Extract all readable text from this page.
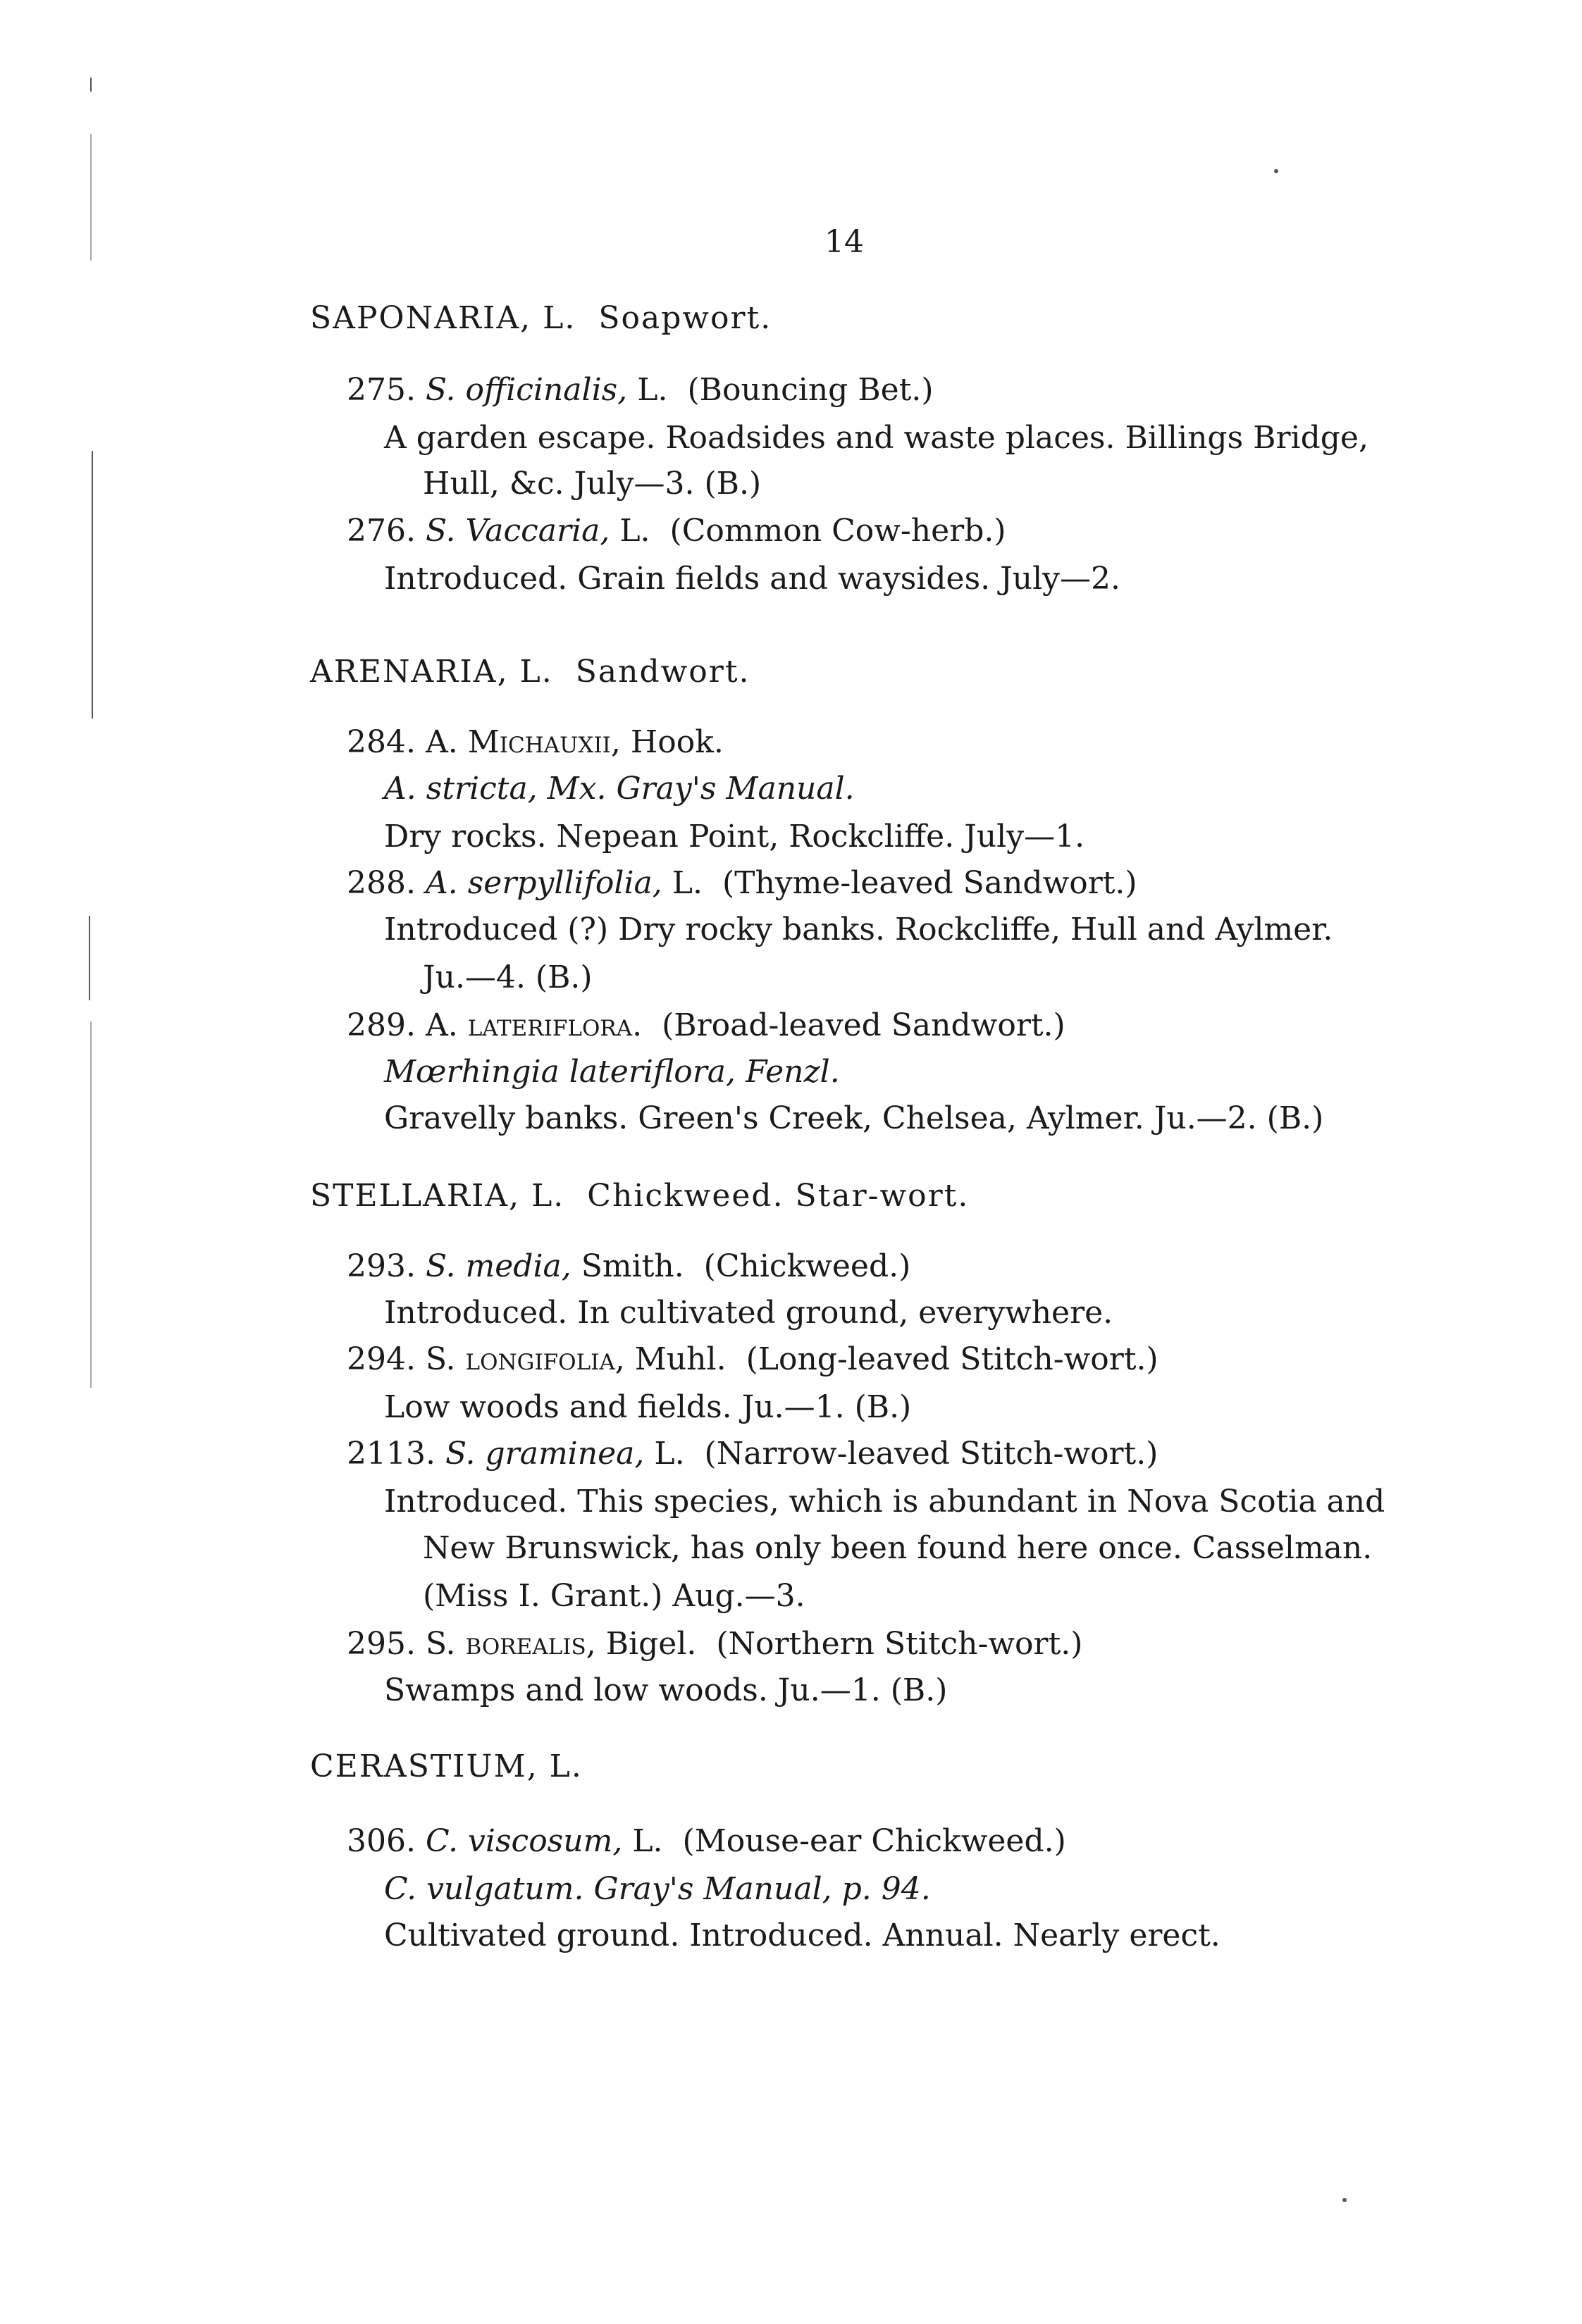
14
SAPONARIA, L. Soapwort.
275. S. officinalis, L. (Bouncing Bet.)
A garden escape. Roadsides and waste places. Billings Bridge,
Hull, &c. July—3. (B.)
276. S. Vaccaria, L. (Common Cow-herb.)
Introduced. Grain fields and waysides. July—2.
ARENARIA, L. Sandwort.
284. A. Michauxii, Hook.
A. stricta, Mx. Gray's Manual.
Dry rocks. Nepean Point, Rockcliffe. July—1.
288. A. serpyllifolia, L. (Thyme-leaved Sandwort.)
Introduced (?) Dry rocky banks. Rockcliffe, Hull and Aylmer.
Ju.—4. (B.)
289. A. lateriflora. (Broad-leaved Sandwort.)
Mœrhingia lateriflora, Fenzl.
Gravelly banks. Green's Creek, Chelsea, Aylmer. Ju.—2. (B.)
STELLARIA, L. Chickweed. Star-wort.
293. S. media, Smith. (Chickweed.)
Introduced. In cultivated ground, everywhere.
294. S. longifolia, Muhl. (Long-leaved Stitch-wort.)
Low woods and fields. Ju.—1. (B.)
2113. S. graminea, L. (Narrow-leaved Stitch-wort.)
Introduced. This species, which is abundant in Nova Scotia and
New Brunswick, has only been found here once. Casselman.
(Miss I. Grant.) Aug.—3.
295. S. borealis, Bigel. (Northern Stitch-wort.)
Swamps and low woods. Ju.—1. (B.)
CERASTIUM, L.
306. C. viscosum, L. (Mouse-ear Chickweed.)
C. vulgatum. Gray's Manual, p. 94.
Cultivated ground. Introduced. Annual. Nearly erect.
